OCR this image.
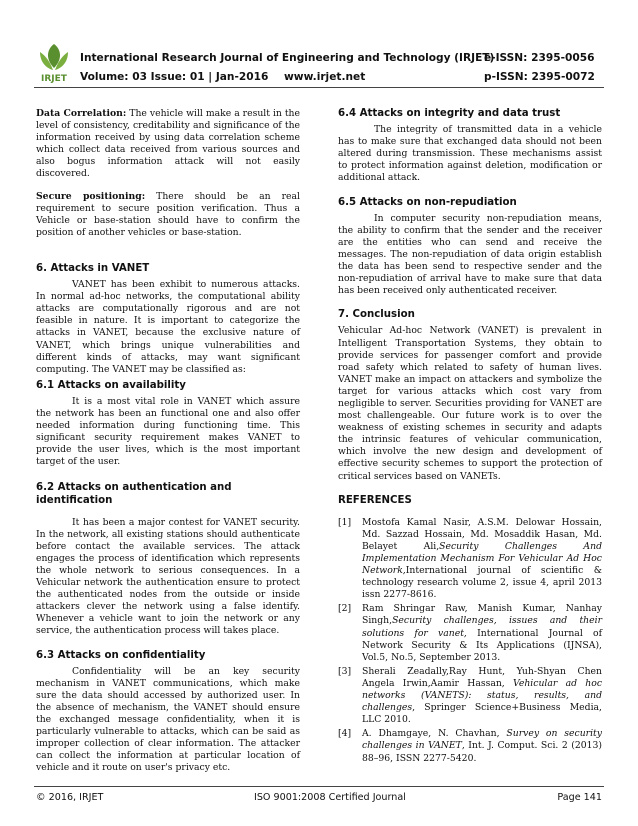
IRJET
International Research Journal of Engineering and Technology (IRJET)
e-ISSN: 2395-0056
Volume: 03 Issue: 01 | Jan-2016 www.irjet.net	p-ISSN: 2395-0072

Data Correlation: The vehicle will make a result in the level of consistency, creditability and significance of the information received by using data correlation scheme which collect data received from various sources and also bogus information attack will not easily discovered.

Secure positioning: There should be an real requirement to secure position verification. Thus a Vehicle or base-station should have to confirm the position of another vehicles or base-station.

6. Attacks in VANET

VANET has been exhibit to numerous attacks. In normal ad-hoc networks, the computational ability attacks are computationally rigorous and are not feasible in nature. It is important to categorize the attacks in VANET, because the exclusive nature of VANET, which brings unique vulnerabilities and different kinds of attacks, may want significant computing. The VANET may be classified as:

6.1 Attacks on availability

It is a most vital role in VANET which assure the network has been an functional one and also offer needed information during functioning time. This significant security requirement makes VANET to provide the user lives, which is the most important target of the user.

6.2 Attacks on authentication and identification

It has been a major contest for VANET security. In the network, all existing stations should authenticate before contact the available services. The attack engages the process of identification which represents the whole network to serious consequences. In a Vehicular network the authentication ensure to protect the authenticated nodes from the outside or inside attackers clever the network using a false identify. Whenever a vehicle want to join the network or any service, the authentication process will takes place.

6.3 Attacks on confidentiality

Confidentiality will be an key security mechanism in VANET communications, which make sure the data should accessed by authorized user. In the absence of mechanism, the VANET should ensure the exchanged message confidentiality, when it is particularly vulnerable to attacks, which can be said as improper collection of clear information. The attacker can collect the information at particular location of vehicle and it route on user's privacy etc.

6.4 Attacks on integrity and data trust

The integrity of transmitted data in a vehicle has to make sure that exchanged data should not been altered during transmission. These mechanisms assist to protect information against deletion, modification or additional attack.

6.5 Attacks on non-repudiation

In computer security non-repudiation means, the ability to confirm that the sender and the receiver are the entities who can send and receive the messages. The non-repudiation of data origin establish the data has been send to respective sender and the non-repudiation of arrival have to make sure that data has been received only authenticated receiver.

7. Conclusion

Vehicular Ad-hoc Network (VANET) is prevalent in Intelligent Transportation Systems, they obtain to provide services for passenger comfort and provide road safety which related to safety of human lives. VANET make an impact on attackers and symbolize the target for various attacks which cost vary from negligible to server. Securities providing for VANET are most challengeable. Our future work is to over the weakness of existing schemes in security and adapts the intrinsic features of vehicular communication, which involve the new design and development of effective security schemes to support the protection of critical services based on VANETs.

REFERENCES
[1] Mostofa Kamal Nasir, A.S.M. Delowar Hossain, Md. Sazzad Hossain, Md. Mosaddik Hasan, Md. Belayet Ali,Security Challenges And Implementation Mechanism For Vehicular Ad Hoc Network,International journal of scientific & technology research volume 2, issue 4, april 2013 issn 2277-8616.
[2] Ram Shringar Raw, Manish Kumar, Nanhay Singh,Security challenges, issues and their solutions for vanet, International Journal of Network Security & Its Applications (IJNSA), Vol.5, No.5, September 2013.
[3] Sherali Zeadally,Ray Hunt, Yuh-Shyan Chen Angela Irwin,Aamir Hassan, Vehicular ad hoc networks (VANETS): status, results, and challenges, Springer Science+Business Media, LLC 2010.
[4] A. Dhamgaye, N. Chavhan, Survey on security challenges in VANET, Int. J. Comput. Sci. 2 (2013) 88–96, ISSN 2277-5420.
© 2016, IRJET	ISO 9001:2008 Certified Journal	Page 141
